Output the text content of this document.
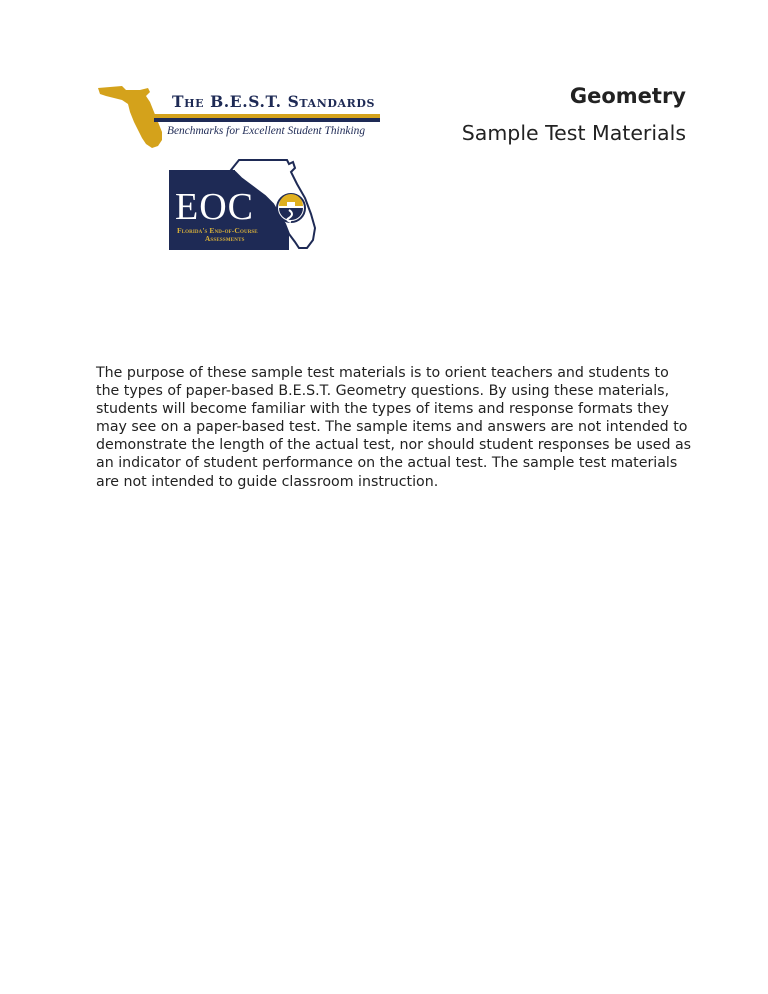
The B.E.S.T. Standards
Benchmarks for Excellent Student Thinking
EOC
Florida's End-of-Course
Assessments
Geometry
Sample Test Materials

The purpose of these sample test materials is to orient teachers and students to the types of paper-based B.E.S.T. Geometry questions. By using these materials, students will become familiar with the types of items and response formats they may see on a paper-based test. The sample items and answers are not intended to demonstrate the length of the actual test, nor should student responses be used as an indicator of student performance on the actual test. The sample test materials are not intended to guide classroom instruction.
